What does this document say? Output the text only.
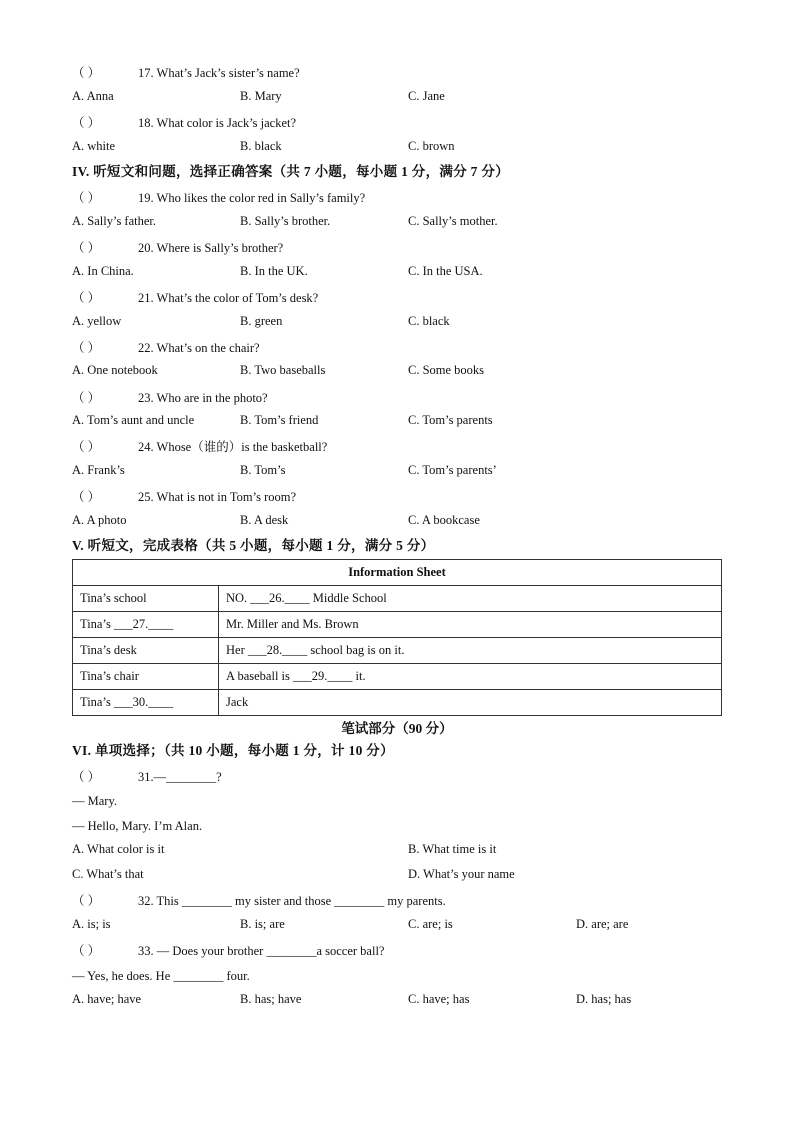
（ ）	17. What’s Jack’s sister’s name?
A. Anna	B. Mary	C. Jane
（ ）	18. What color is Jack’s jacket?
A. white	B. black	C. brown
IV. 听短文和问题，选择正确答案（共 7 小题，每小题 1 分，满分 7 分）
（ ）	19. Who likes the color red in Sally’s family?
A. Sally’s father.	B. Sally’s brother.	C. Sally’s mother.
（ ）	20. Where is Sally’s brother?
A. In China.	B. In the UK.	C. In the USA.
（ ）	21. What’s the color of Tom’s desk?
A. yellow	B. green	C. black
（ ）	22. What’s on the chair?
A. One notebook	B. Two baseballs	C. Some books
（ ）	23. Who are in the photo?
A. Tom’s aunt and uncle	B. Tom’s friend	C. Tom’s parents
（ ）	24. Whose（谁的）is the basketball?
A. Frank’s	B. Tom’s	C. Tom’s parents’
（ ）	25. What is not in Tom’s room?
A. A photo	B. A desk	C. A bookcase
V. 听短文，完成表格（共 5 小题，每小题 1 分，满分 5 分）
Information Sheet	
Tina’s school	NO. ___26.____ Middle School
Tina’s ___27.____	Mr. Miller and Ms. Brown
Tina’s desk	Her ___28.____ school bag is on it.
Tina’s chair	A baseball is ___29.____ it.
Tina’s ___30.____	Jack
笔试部分（90 分）
VI. 单项选择；（共 10 小题，每小题 1 分，计 10 分）
（ ）	31.—________?
— Mary.
— Hello, Mary. I’m Alan.
A. What color is it	B. What time is it
C. What’s that	D. What’s your name
（ ）	32. This ________ my sister and those ________ my parents.
A. is; is	B. is; are	C. are; is	D. are; are
（ ）	33. — Does your brother ________a soccer ball?
— Yes, he does. He ________ four.
A. have; have	B. has; have	C. have; has	D. has; has
